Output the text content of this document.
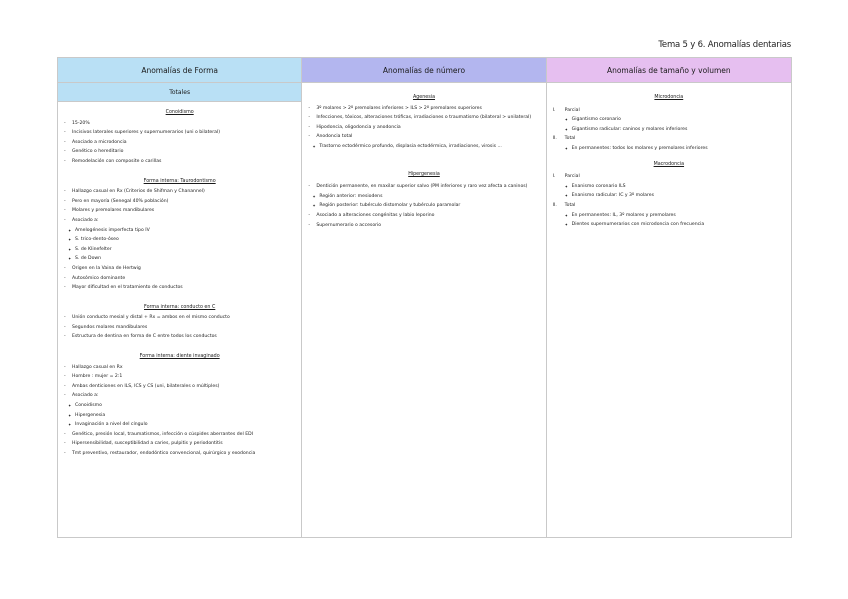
Tema 5 y 6. Anomalías dentarias
Anomalías de Forma
Totales
Conoidismo
- 15-20%
- Incisivos laterales superiores y supernumerarios (uni o bilateral)
- Asociado a microdoncia
- Genético o hereditario
- Remodelación con composite o carillas
Forma interna: Taurodontismo
- Hallazgo casual en Rx (Criterios de Shifman y Chanannel)
- Pero en mayoría (Senegal 40% población)
- Molares y premolares mandibulares
- Asociado a:
✦ Amelogénesis imperfecta tipo IV
✦ S. trico-dento-óseo
✦ S. de Klinefelter
✦ S. de Down
- Origen en la Vaina de Hertwig
- Autosómico dominante
- Mayor dificultad en el tratamiento de conductos
Forma interna: conducto en C
- Unión conducto mesial y distal + Rx = ambos en el mismo conducto
- Segundos molares mandibulares
- Estructura de dentina en forma de C entre todos los conductos
Forma interna: diente invaginado
- Hallazgo casual en Rx
- Hombre : mujer = 2:1
- Ambas denticiones en ILS, ICS y CS (uni, bilaterales o múltiples)
- Asociado a:
✦ Conoidismo
✦ Hipergenesia
✦ Invaginación a nivel del cíngulo
- Genético, presión local, traumatismos, infección o cúspides aberrantes del EDI
- Hipersensibilidad, susceptibilidad a caries, pulpitis y periodontitis
- Tmt preventivo, restaurador, endodóntico convencional, quirúrgico y exodoncia
Anomalías de número
Agenesia
- 3º molares > 2º premolares inferiores > ILS > 2º premolares superiores
- Infecciones, tóxicos, alteraciones tróficas, irradiaciones o traumatismo (bilateral > unilateral)
- Hipodoncia, oligodoncia y anodoncia
- Anodoncia total
✦ Trastorno ectodérmico profundo, displasia ectodérmica, irradiaciones, virosis ...
Hipergenesia
- Dentición permanente, en maxilar superior salvo (PM inferiores y raro vez afecta a caninos)
✦ Región anterior: mesiodens
✦ Región posterior: tubérculo distomolar y tubérculo paramolar
- Asociado a alteraciones congénitas y labio leporino
- Supernumerario o accesorio
Anomalías de tamaño y volumen
Microdoncia
I. Parcial
✦ Gigantismo coronario
✦ Gigantismo radicular: caninos y molares inferiores
II. Total
✦ En permanentes: todos los molares y premolares inferiores
Macrodoncia
I. Parcial
✦ Enanismo coronario ILS
✦ Enanismo radicular: IC y 3º molares
II. Total
✦ En permanentes: IL, 3º molares y premolares
✦ Dientes supernumerarios con microdoncia con frecuencia
